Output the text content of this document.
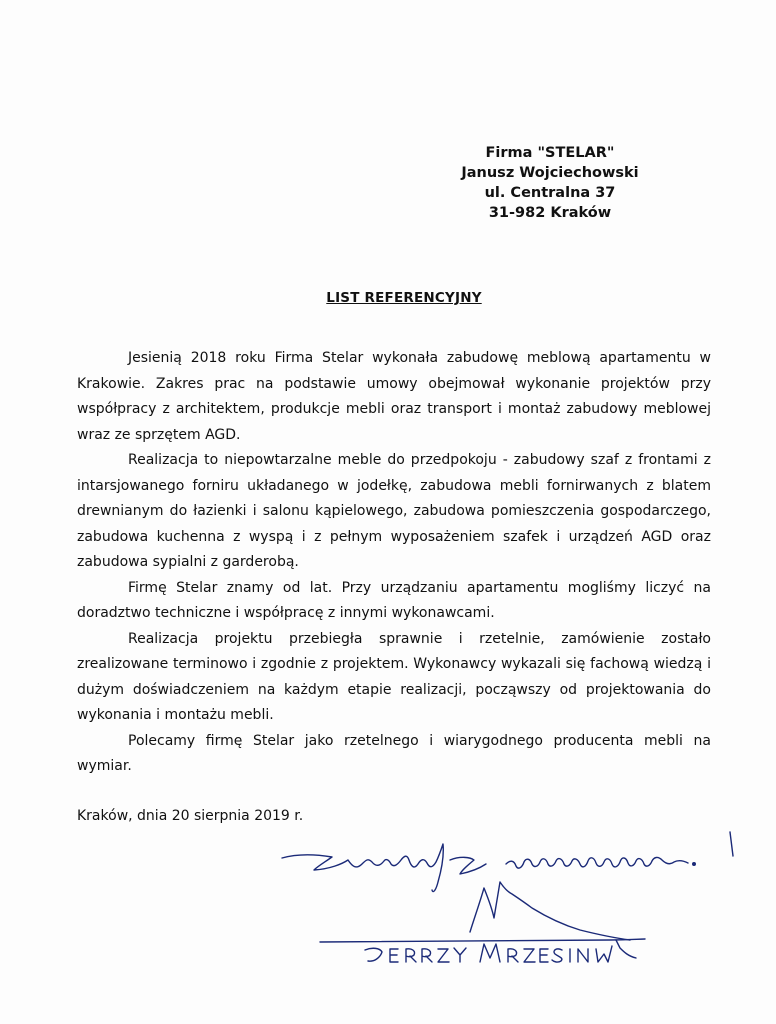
Firma "STELAR"
Janusz Wojciechowski
ul. Centralna 37
31-982 Kraków
LIST REFERENCYJNY

Jesienią 2018 roku Firma Stelar wykonała zabudowę meblową apartamentu w Krakowie. Zakres prac na podstawie umowy obejmował wykonanie projektów przy współpracy z architektem, produkcje mebli oraz transport i montaż zabudowy meblowej wraz ze sprzętem AGD.

Realizacja to niepowtarzalne meble do przedpokoju - zabudowy szaf z frontami z intarsjowanego forniru układanego w jodełkę, zabudowa mebli fornirwanych z blatem drewnianym do łazienki i salonu kąpielowego, zabudowa pomieszczenia gospodarczego, zabudowa kuchenna z wyspą i z pełnym wyposażeniem szafek i urządzeń AGD oraz zabudowa sypialni z garderobą.

Firmę Stelar znamy od lat. Przy urządzaniu apartamentu mogliśmy liczyć na doradztwo techniczne i współpracę z innymi wykonawcami.

Realizacja projektu przebiegła sprawnie i rzetelnie, zamówienie zostało zrealizowane terminowo i zgodnie z projektem. Wykonawcy wykazali się fachową wiedzą i dużym doświadczeniem na każdym etapie realizacji, począwszy od projektowania do wykonania i montażu mebli.

Polecamy firmę Stelar jako rzetelnego i wiarygodnego producenta mebli na wymiar.

Kraków, dnia 20 sierpnia 2019 r.
